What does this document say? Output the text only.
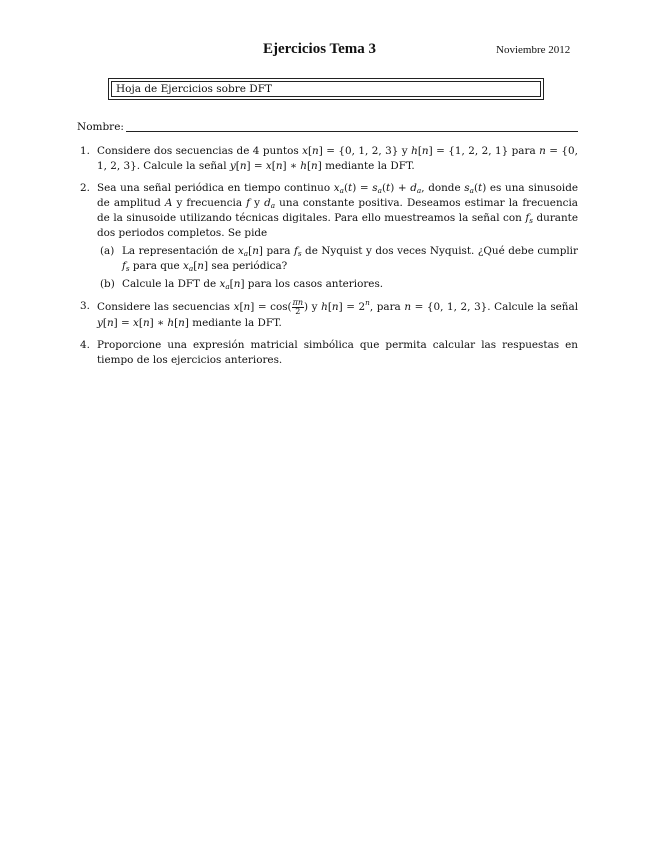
Ejercicios Tema 3	Noviembre 2012
Hoja de Ejercicios sobre DFT
Nombre:
1. Considere dos secuencias de 4 puntos x[n] = {0, 1, 2, 3} y h[n] = {1, 2, 2, 1} para n = {0, 1, 2, 3}. Calcule la señal y[n] = x[n] ∗ h[n] mediante la DFT.
2. Sea una señal periódica en tiempo continuo $x_a(t) = s_a(t) + d_a$, donde $s_a(t)$ es una sinusoide de amplitud A y frecuencia f y $d_a$ una constante positiva. Deseamos estimar la frecuencia de la sinusoide utilizando técnicas digitales. Para ello muestreamos la señal con $f_s$ durante dos periodos completos. Se pide
(a) La representación de $x_a[n]$ para $f_s$ de Nyquist y dos veces Nyquist. ¿Qué debe cumplir $f_s$ para que $x_a[n]$ sea periódica?
(b) Calcule la DFT de $x_a[n]$ para los casos anteriores.
3. Considere las secuencias $x[n] = \cos( \frac{\pi n}{2}$ ) y $h[n] = 2^n$, para n = {0, 1, 2, 3}. Calcule la señal y[n] = x[n] ∗ h[n] mediante la DFT.
4. Proporcione una expresión matricial simbólica que permita calcular las respuestas en tiempo de los ejercicios anteriores.
